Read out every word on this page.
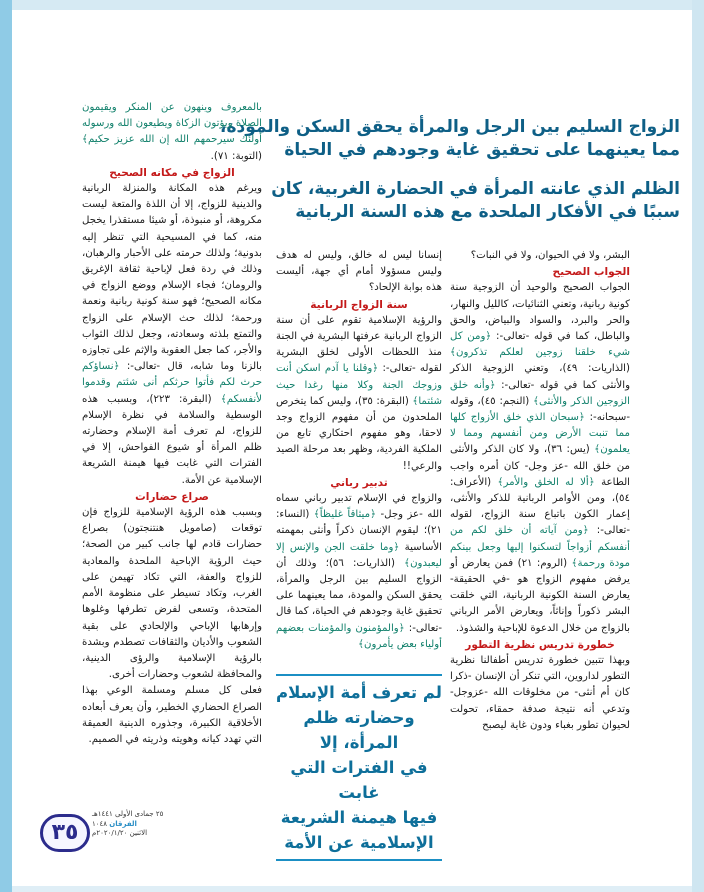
الزواج السليم بين الرجل والمرأة يحقق السكن والمودة،
مما يعينهما على تحقيق غاية وجودهم في الحياة
الظلم الذي عانته المرأة في الحضارة الغربية، كان
سببًا في الأفكار الملحدة مع هذه السنة الربانية

البشر، ولا في الحيوان، ولا في النبات؟

الجواب الصحيح

الجواب الصحيح والوحيد أن الزوجية سنة كونية ربانية، وتعني الثنائيات، كالليل والنهار، والحر والبرد، والسواد والبياض، والحق والباطل، كما في قوله -تعالى-: ﴿ومن كل شيء خلقنا زوجين لعلكم تذكرون﴾ (الذاريات: ٤٩)، وتعني الزوجية الذكر والأنثى كما في قوله -تعالى-: ﴿وأنه خلق الزوجين الذكر والأنثى﴾ (النجم: ٤٥)، وقوله -سبحانه-: ﴿سبحان الذي خلق الأزواج كلها مما تنبت الأرض ومن أنفسهم ومما لا يعلمون﴾ (يس: ٣٦)، ولا كان الذكر والأنثى من خلق الله -عز وجل- كان أمره واجب الطاعة ﴿ألا له الخلق والأمر﴾ (الأعراف: ٥٤)، ومن الأوامر الربانية للذكر والأنثى، إعمار الكون باتباع سنة الزواج، لقوله -تعالى-: ﴿ومن آياته أن خلق لكم من أنفسكم أزواجاً لتسكنوا إليها وجعل بينكم مودة ورحمة﴾ (الروم: ٢١) فمن يعارض أو يرفض مفهوم الزواج هو -في الحقيقة- يعارض السنة الكونية الربانية، التي خلقت البشر ذكوراً وإناثاً، ويعارض الأمر الرباني بالزواج من خلال الدعوة للإباحية والشذوذ.

خطورة تدريس نظرية التطور

وبهذا تتبين خطورة تدريس أطفالنا نظرية التطور لداروين، التي تنكر أن الإنسان -ذكرا كان أم أنثى- من مخلوقات الله -عزوجل- وتدعي أنه نتيجة صدفة حمقاء، تحولت لحيوان تطور بغباء ودون غاية ليصبح

إنسانا ليس له خالق، وليس له هدف وليس مسؤولا أمام أي جهة، أليست هذه بوابة الإلحاد؟

سنة الزواج الربانية

والرؤية الإسلامية تقوم على أن سنة الزواج الربانية عرفتها البشرية في الجنة منذ اللحظات الأولى لخلق البشرية لقوله -تعالى-: ﴿وقلنا يا آدم اسكن أنت وزوجك الجنة وكلا منها رغدا حيث شئتما﴾ (البقرة: ٣٥)، وليس كما يتخرص الملحدون من أن مفهوم الزواج وجد لاحقا، وهو مفهوم احتكاري تابع من الملكية الفردية، وظهر بعد مرحلة الصيد والرعي!!

تدبير رباني

والزواج في الإسلام تدبير رباني سماه الله -عز وجل- ﴿ميثاقاً غليظاً﴾ (النساء: ٢١)؛ ليقوم الإنسان ذكراً وأنثى بمهمته الأساسية ﴿وما خلقت الجن والإنس إلا ليعبدون﴾ (الذاريات: ٥٦)؛ وذلك أن الزواج السليم بين الرجل والمرأة، يحقق السكن والمودة، مما يعينهما على تحقيق غاية وجودهم في الحياة، كما قال -تعالى-: ﴿والمؤمنون والمؤمنات بعضهم أولياء بعض يأمرون﴾

لم تعرف أمة الإسلام
وحضارته ظلم المرأة، إلا
في الفترات التي غابت
فيها هيمنة الشريعة
الإسلامية عن الأمة

بالمعروف وينهون عن المنكر ويقيمون الصلاة ويؤتون الزكاة ويطيعون الله ورسوله أولئك سيرحمهم الله إن الله عزيز حكيم﴾ (التوبة: ٧١).

الزواج في مكانه الصحيح

ويرغم هذه المكانة والمنزلة الربانية والدينية للزواج، إلا أن اللذة والمتعة ليست مكروهة، أو منبوذة، أو شيئا مستقذرا يخجل منه، كما في المسيحية التي تنظر إليه بدونية؛ ولذلك حرمته على الأحبار والرهبان، وذلك في ردة فعل لإباحية ثقافة الإغريق والرومان؛ فجاء الإسلام ووضع الزواج في مكانه الصحيح؛ فهو سنة كونية ربانية ونعمة ورحمة؛ لذلك حث الإسلام على الزواج والتمتع بلذته وسعادته، وجعل لذلك الثواب والأجر، كما جعل العقوبة والإثم على تجاوزه بالزنا وما شابه، قال -تعالى-: ﴿نساؤكم حرث لكم فأتوا حرثكم أنى شئتم وقدموا لأنفسكم﴾ (البقرة: ٢٢٣)، وبسبب هذه الوسطية والسلامة في نظرة الإسلام للزواج، لم تعرف أمة الإسلام وحضارته ظلم المرأة أو شيوع الفواحش، إلا في الفترات التي غابت فيها هيمنة الشريعة الإسلامية عن الأمة.

صراع حضارات

وبسبب هذه الرؤية الإسلامية للزواج فإن توقعات (صامويل هنتنجتون) بصراع حضارات قادم لها جانب كبير من الصحة؛ حيث الرؤية الإباحية الملحدة والمعادية للزواج والعفة، التي تكاد تهيمن على الغرب، وتكاد تسيطر على منظومة الأمم المتحدة، وتسعى لفرض تطرفها وغلوها وإرهابها الإباحي والإلحادي على بقية الشعوب والأديان والثقافات تصطدم وبشدة بالرؤية الإسلامية والرؤى الدينية، والمحافظة لشعوب وحضارات أخرى.

فعلى كل مسلم ومسلمة الوعي بهذا الصراع الحضاري الخطير، وأن يعرف أبعاده الأخلاقية الكبيرة، وجذوره الدينية العميقة التي تهدد كيانه وهويته وذريته في الصميم.

٣٥
٢٥ جمادى الأولى ١٤٤١هـ
الفرقان ١٠٤٨
الاثنين ٢٠٢٠/١/٢٠م
